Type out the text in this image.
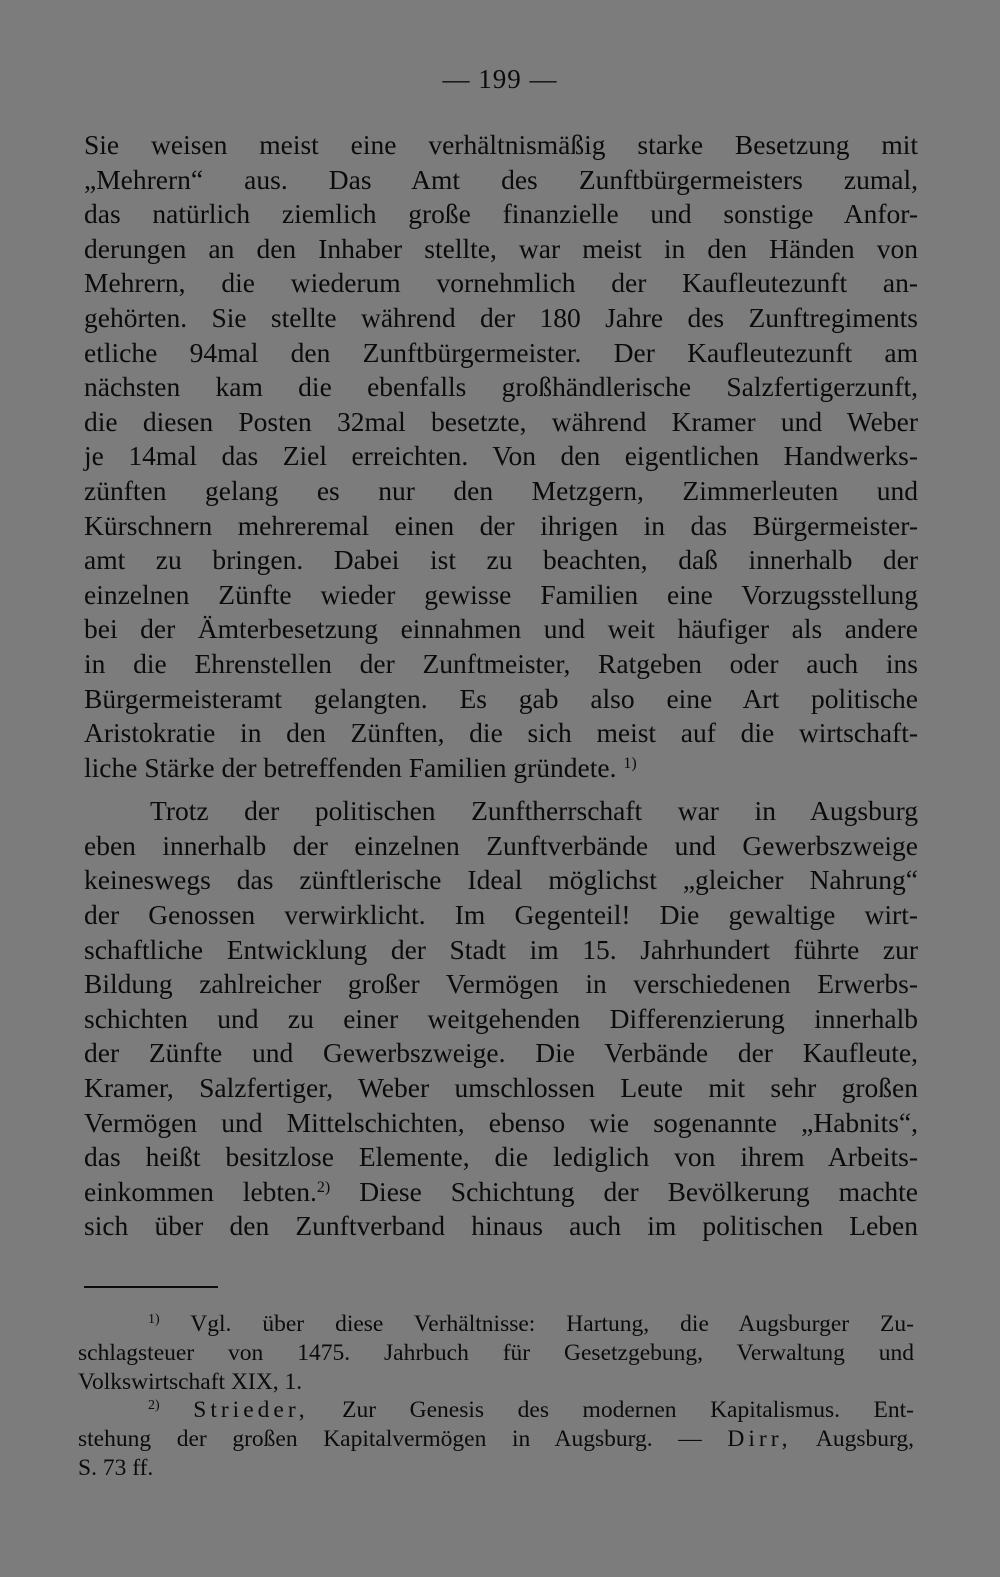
— 199 —
Sie weisen meist eine verhältnismäßig starke Besetzung mit
„Mehrern“ aus. Das Amt des Zunftbürgermeisters zumal,
das natürlich ziemlich große finanzielle und sonstige Anfor-
derungen an den Inhaber stellte, war meist in den Händen von
Mehrern, die wiederum vornehmlich der Kaufleutezunft an-
gehörten. Sie stellte während der 180 Jahre des Zunftregiments
etliche 94mal den Zunftbürgermeister. Der Kaufleutezunft am
nächsten kam die ebenfalls großhändlerische Salzfertigerzunft,
die diesen Posten 32mal besetzte, während Kramer und Weber
je 14mal das Ziel erreichten. Von den eigentlichen Handwerks-
zünften gelang es nur den Metzgern, Zimmerleuten und
Kürschnern mehreremal einen der ihrigen in das Bürgermeister-
amt zu bringen. Dabei ist zu beachten, daß innerhalb der
einzelnen Zünfte wieder gewisse Familien eine Vorzugsstellung
bei der Ämterbesetzung einnahmen und weit häufiger als andere
in die Ehrenstellen der Zunftmeister, Ratgeben oder auch ins
Bürgermeisteramt gelangten. Es gab also eine Art politische
Aristokratie in den Zünften, die sich meist auf die wirtschaft-
liche Stärke der betreffenden Familien gründete. $^{1)}$
Trotz der politischen Zunftherrschaft war in Augsburg
eben innerhalb der einzelnen Zunftverbände und Gewerbszweige
keineswegs das zünftlerische Ideal möglichst „gleicher Nahrung“
der Genossen verwirklicht. Im Gegenteil! Die gewaltige wirt-
schaftliche Entwicklung der Stadt im 15. Jahrhundert führte zur
Bildung zahlreicher großer Vermögen in verschiedenen Erwerbs-
schichten und zu einer weitgehenden Differenzierung innerhalb
der Zünfte und Gewerbszweige. Die Verbände der Kaufleute,
Kramer, Salzfertiger, Weber umschlossen Leute mit sehr großen
Vermögen und Mittelschichten, ebenso wie sogenannte „Habnits“,
das heißt besitzlose Elemente, die lediglich von ihrem Arbeits-
einkommen lebten.$^{2)}$ Diese Schichtung der Bevölkerung machte
sich über den Zunftverband hinaus auch im politischen Leben
$^{1)}$ Vgl. über diese Verhältnisse: Hartung, die Augsburger Zu-
schlagsteuer von 1475. Jahrbuch für Gesetzgebung, Verwaltung und
Volkswirtschaft XIX, 1.
$^{2)}$ Strieder, Zur Genesis des modernen Kapitalismus. Ent-
stehung der großen Kapitalvermögen in Augsburg. — Dirr, Augsburg,
S. 73 ff.
